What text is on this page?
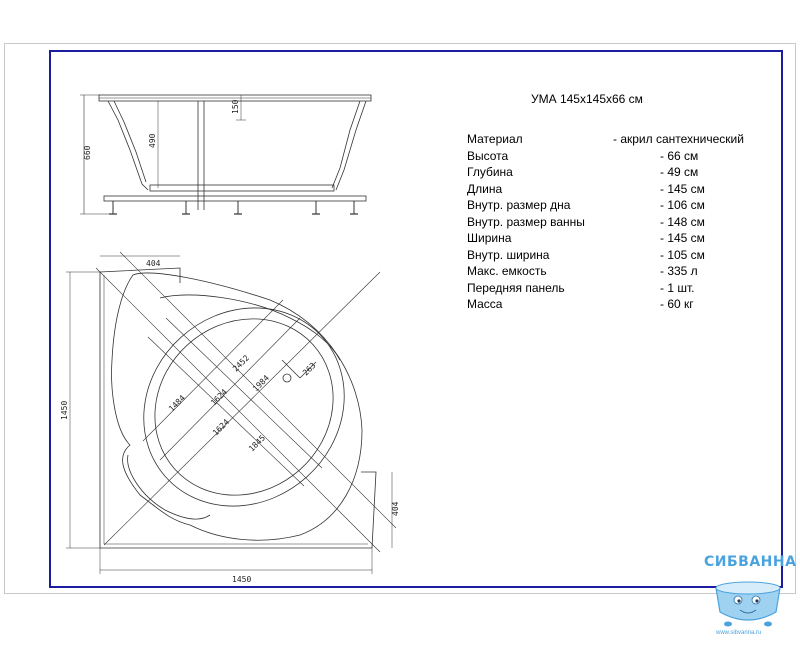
660
490
150
404
1450
1450
404
2452
1984
1845
1484	1624
1624
263
УМА 145х145х66 см
Материал	- акрил сантехнический
Высота	- 66 см
Глубина	- 49 см
Длина	- 145 см
Внутр. размер дна	- 106 см
Внутр. размер ванны	- 148 см
Ширина	- 145 см
Внутр. ширина	- 105 см
Макс. емкость	- 335 л
Передняя панель	- 1 шт.
Масса	- 60 кг
СИБВАННА
www.sibvanna.ru
